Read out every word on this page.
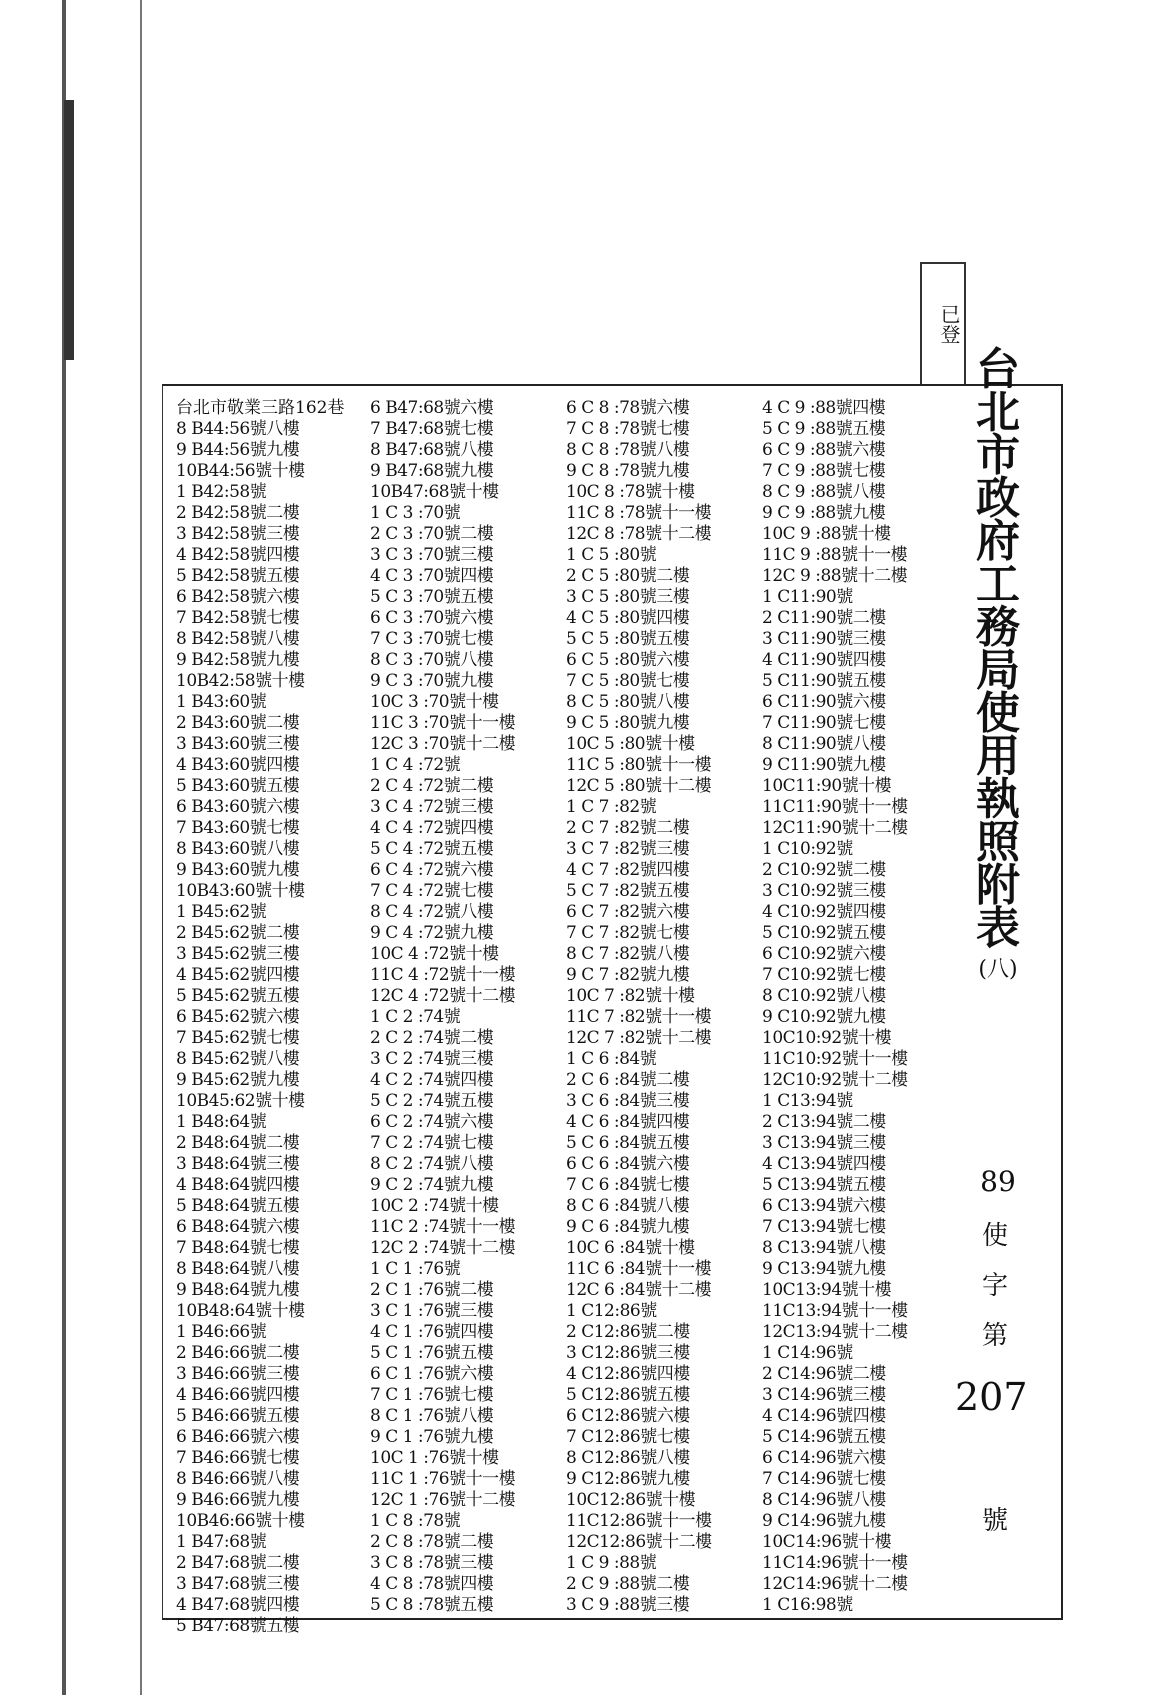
已登
台北市敬業三路162巷
8 B44:56號八樓
9 B44:56號九樓
10B44:56號十樓
1 B42:58號
2 B42:58號二樓
3 B42:58號三樓
4 B42:58號四樓
5 B42:58號五樓
6 B42:58號六樓
7 B42:58號七樓
8 B42:58號八樓
9 B42:58號九樓
10B42:58號十樓
1 B43:60號
2 B43:60號二樓
3 B43:60號三樓
4 B43:60號四樓
5 B43:60號五樓
6 B43:60號六樓
7 B43:60號七樓
8 B43:60號八樓
9 B43:60號九樓
10B43:60號十樓
1 B45:62號
2 B45:62號二樓
3 B45:62號三樓
4 B45:62號四樓
5 B45:62號五樓
6 B45:62號六樓
7 B45:62號七樓
8 B45:62號八樓
9 B45:62號九樓
10B45:62號十樓
1 B48:64號
2 B48:64號二樓
3 B48:64號三樓
4 B48:64號四樓
5 B48:64號五樓
6 B48:64號六樓
7 B48:64號七樓
8 B48:64號八樓
9 B48:64號九樓
10B48:64號十樓
1 B46:66號
2 B46:66號二樓
3 B46:66號三樓
4 B46:66號四樓
5 B46:66號五樓
6 B46:66號六樓
7 B46:66號七樓
8 B46:66號八樓
9 B46:66號九樓
10B46:66號十樓
1 B47:68號
2 B47:68號二樓
3 B47:68號三樓
4 B47:68號四樓
5 B47:68號五樓
6 B47:68號六樓
7 B47:68號七樓
8 B47:68號八樓
9 B47:68號九樓
10B47:68號十樓
1 C 3 :70號
2 C 3 :70號二樓
3 C 3 :70號三樓
4 C 3 :70號四樓
5 C 3 :70號五樓
6 C 3 :70號六樓
7 C 3 :70號七樓
8 C 3 :70號八樓
9 C 3 :70號九樓
10C 3 :70號十樓
11C 3 :70號十一樓
12C 3 :70號十二樓
1 C 4 :72號
2 C 4 :72號二樓
3 C 4 :72號三樓
4 C 4 :72號四樓
5 C 4 :72號五樓
6 C 4 :72號六樓
7 C 4 :72號七樓
8 C 4 :72號八樓
9 C 4 :72號九樓
10C 4 :72號十樓
11C 4 :72號十一樓
12C 4 :72號十二樓
1 C 2 :74號
2 C 2 :74號二樓
3 C 2 :74號三樓
4 C 2 :74號四樓
5 C 2 :74號五樓
6 C 2 :74號六樓
7 C 2 :74號七樓
8 C 2 :74號八樓
9 C 2 :74號九樓
10C 2 :74號十樓
11C 2 :74號十一樓
12C 2 :74號十二樓
1 C 1 :76號
2 C 1 :76號二樓
3 C 1 :76號三樓
4 C 1 :76號四樓
5 C 1 :76號五樓
6 C 1 :76號六樓
7 C 1 :76號七樓
8 C 1 :76號八樓
9 C 1 :76號九樓
10C 1 :76號十樓
11C 1 :76號十一樓
12C 1 :76號十二樓
1 C 8 :78號
2 C 8 :78號二樓
3 C 8 :78號三樓
4 C 8 :78號四樓
5 C 8 :78號五樓
6 C 8 :78號六樓
7 C 8 :78號七樓
8 C 8 :78號八樓
9 C 8 :78號九樓
10C 8 :78號十樓
11C 8 :78號十一樓
12C 8 :78號十二樓
1 C 5 :80號
2 C 5 :80號二樓
3 C 5 :80號三樓
4 C 5 :80號四樓
5 C 5 :80號五樓
6 C 5 :80號六樓
7 C 5 :80號七樓
8 C 5 :80號八樓
9 C 5 :80號九樓
10C 5 :80號十樓
11C 5 :80號十一樓
12C 5 :80號十二樓
1 C 7 :82號
2 C 7 :82號二樓
3 C 7 :82號三樓
4 C 7 :82號四樓
5 C 7 :82號五樓
6 C 7 :82號六樓
7 C 7 :82號七樓
8 C 7 :82號八樓
9 C 7 :82號九樓
10C 7 :82號十樓
11C 7 :82號十一樓
12C 7 :82號十二樓
1 C 6 :84號
2 C 6 :84號二樓
3 C 6 :84號三樓
4 C 6 :84號四樓
5 C 6 :84號五樓
6 C 6 :84號六樓
7 C 6 :84號七樓
8 C 6 :84號八樓
9 C 6 :84號九樓
10C 6 :84號十樓
11C 6 :84號十一樓
12C 6 :84號十二樓
1 C12:86號
2 C12:86號二樓
3 C12:86號三樓
4 C12:86號四樓
5 C12:86號五樓
6 C12:86號六樓
7 C12:86號七樓
8 C12:86號八樓
9 C12:86號九樓
10C12:86號十樓
11C12:86號十一樓
12C12:86號十二樓
1 C 9 :88號
2 C 9 :88號二樓
3 C 9 :88號三樓
4 C 9 :88號四樓
5 C 9 :88號五樓
6 C 9 :88號六樓
7 C 9 :88號七樓
8 C 9 :88號八樓
9 C 9 :88號九樓
10C 9 :88號十樓
11C 9 :88號十一樓
12C 9 :88號十二樓
1 C11:90號
2 C11:90號二樓
3 C11:90號三樓
4 C11:90號四樓
5 C11:90號五樓
6 C11:90號六樓
7 C11:90號七樓
8 C11:90號八樓
9 C11:90號九樓
10C11:90號十樓
11C11:90號十一樓
12C11:90號十二樓
1 C10:92號
2 C10:92號二樓
3 C10:92號三樓
4 C10:92號四樓
5 C10:92號五樓
6 C10:92號六樓
7 C10:92號七樓
8 C10:92號八樓
9 C10:92號九樓
10C10:92號十樓
11C10:92號十一樓
12C10:92號十二樓
1 C13:94號
2 C13:94號二樓
3 C13:94號三樓
4 C13:94號四樓
5 C13:94號五樓
6 C13:94號六樓
7 C13:94號七樓
8 C13:94號八樓
9 C13:94號九樓
10C13:94號十樓
11C13:94號十一樓
12C13:94號十二樓
1 C14:96號
2 C14:96號二樓
3 C14:96號三樓
4 C14:96號四樓
5 C14:96號五樓
6 C14:96號六樓
7 C14:96號七樓
8 C14:96號八樓
9 C14:96號九樓
10C14:96號十樓
11C14:96號十一樓
12C14:96號十二樓
1 C16:98號
台
北
市
政
府
工
務
局
使
用
執
照
附
表
(八)
89
使
字
第
207
號
